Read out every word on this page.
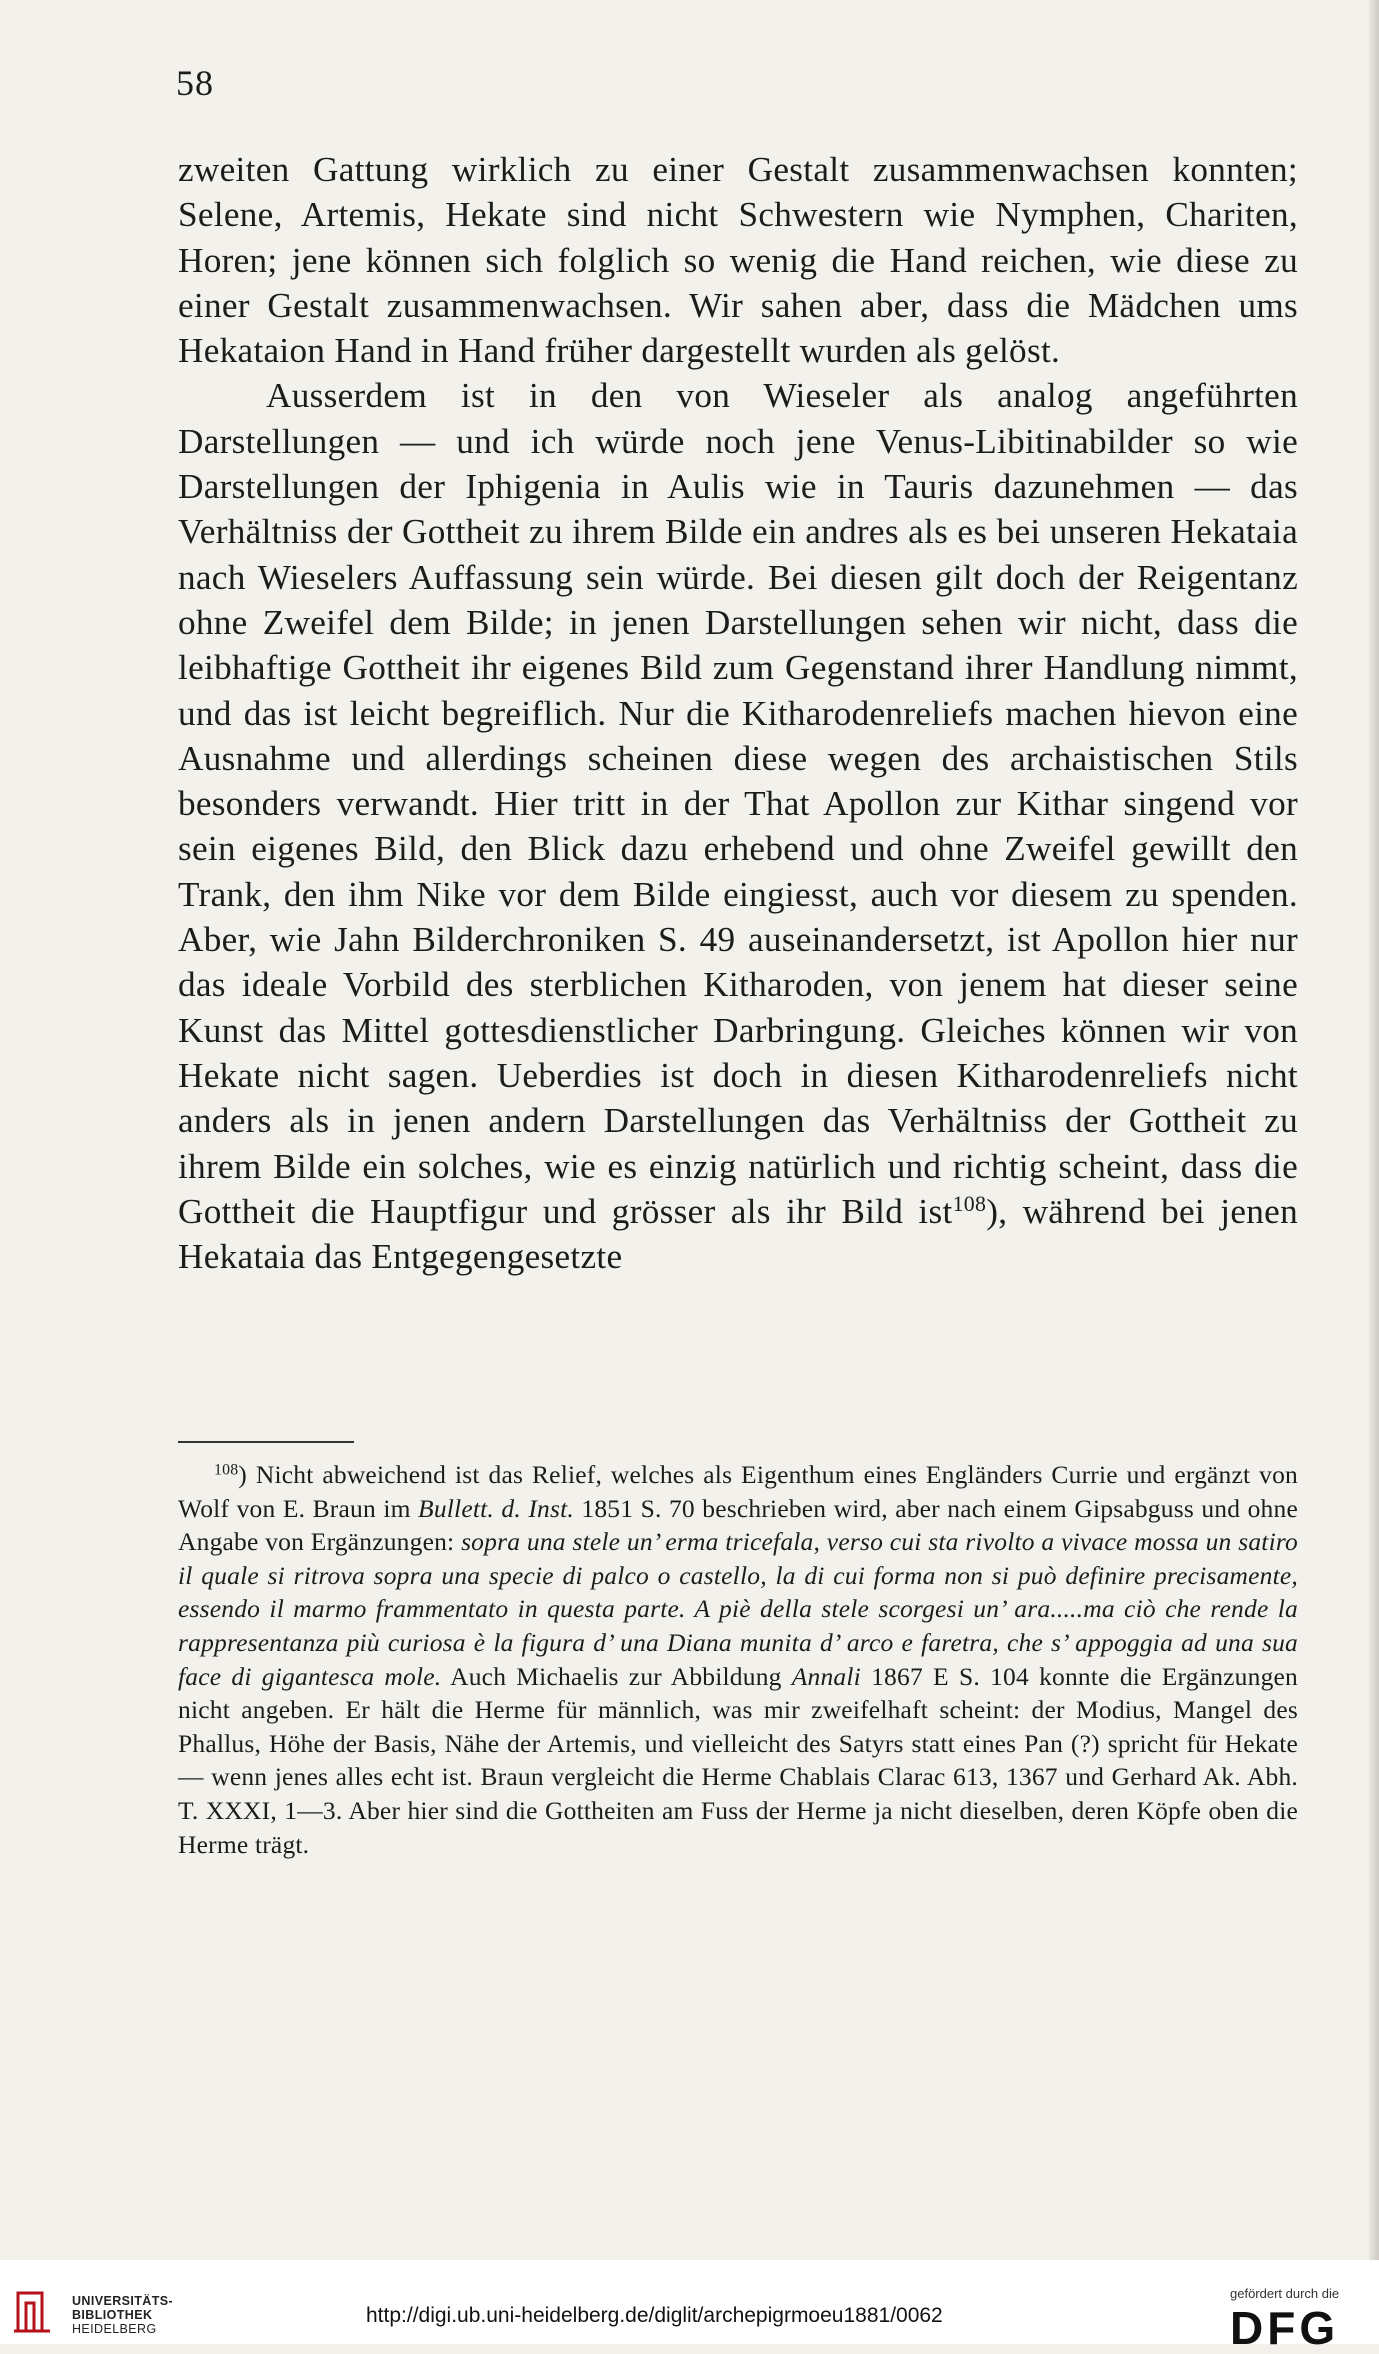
58

zweiten Gattung wirklich zu einer Gestalt zusammenwachsen konnten; Selene, Artemis, Hekate sind nicht Schwestern wie Nymphen, Chariten, Horen; jene können sich folglich so wenig die Hand reichen, wie diese zu einer Gestalt zusammenwachsen. Wir sahen aber, dass die Mädchen ums Hekataion Hand in Hand früher dargestellt wurden als gelöst.

Ausserdem ist in den von Wieseler als analog angeführten Darstellungen — und ich würde noch jene Venus-Libitinabilder so wie Darstellungen der Iphigenia in Aulis wie in Tauris dazunehmen — das Verhältniss der Gottheit zu ihrem Bilde ein andres als es bei unseren Hekataia nach Wieselers Auffassung sein würde. Bei diesen gilt doch der Reigentanz ohne Zweifel dem Bilde; in jenen Darstellungen sehen wir nicht, dass die leibhaftige Gottheit ihr eigenes Bild zum Gegenstand ihrer Handlung nimmt, und das ist leicht begreiflich. Nur die Kitharodenreliefs machen hievon eine Ausnahme und allerdings scheinen diese wegen des archaistischen Stils besonders verwandt. Hier tritt in der That Apollon zur Kithar singend vor sein eigenes Bild, den Blick dazu erhebend und ohne Zweifel gewillt den Trank, den ihm Nike vor dem Bilde eingiesst, auch vor diesem zu spenden. Aber, wie Jahn Bilderchroniken S. 49 auseinandersetzt, ist Apollon hier nur das ideale Vorbild des sterblichen Kitharoden, von jenem hat dieser seine Kunst das Mittel gottesdienstlicher Darbringung. Gleiches können wir von Hekate nicht sagen. Ueberdies ist doch in diesen Kitharodenreliefs nicht anders als in jenen andern Darstellungen das Verhältniss der Gottheit zu ihrem Bilde ein solches, wie es einzig natürlich und richtig scheint, dass die Gottheit die Hauptfigur und grösser als ihr Bild ist$^{108}$), während bei jenen Hekataia das Entgegengesetzte

$^{108}$) Nicht abweichend ist das Relief, welches als Eigenthum eines Engländers Currie und ergänzt von Wolf von E. Braun im Bullett. d. Inst. 1851 S. 70 beschrieben wird, aber nach einem Gipsabguss und ohne Angabe von Ergänzungen: sopra una stele un’ erma tricefala, verso cui sta rivolto a vivace mossa un satiro il quale si ritrova sopra una specie di palco o castello, la di cui forma non si può definire precisamente, essendo il marmo frammentato in questa parte. A piè della stele scorgesi un’ ara.....ma ciò che rende la rappresentanza più curiosa è la figura d’ una Diana munita d’ arco e faretra, che s’ appoggia ad una sua face di gigantesca mole. Auch Michaelis zur Abbildung Annali 1867 E S. 104 konnte die Ergänzungen nicht angeben. Er hält die Herme für männlich, was mir zweifelhaft scheint: der Modius, Mangel des Phallus, Höhe der Basis, Nähe der Artemis, und vielleicht des Satyrs statt eines Pan (?) spricht für Hekate — wenn jenes alles echt ist. Braun vergleicht die Herme Chablais Clarac 613, 1367 und Gerhard Ak. Abh. T. XXXI, 1—3. Aber hier sind die Gottheiten am Fuss der Herme ja nicht dieselben, deren Köpfe oben die Herme trägt.

UNIVERSITÄTS-
BIBLIOTHEK
HEIDELBERG
http://digi.ub.uni-heidelberg.de/diglit/archepigrmoeu1881/0062
gefördert durch die
DFG
